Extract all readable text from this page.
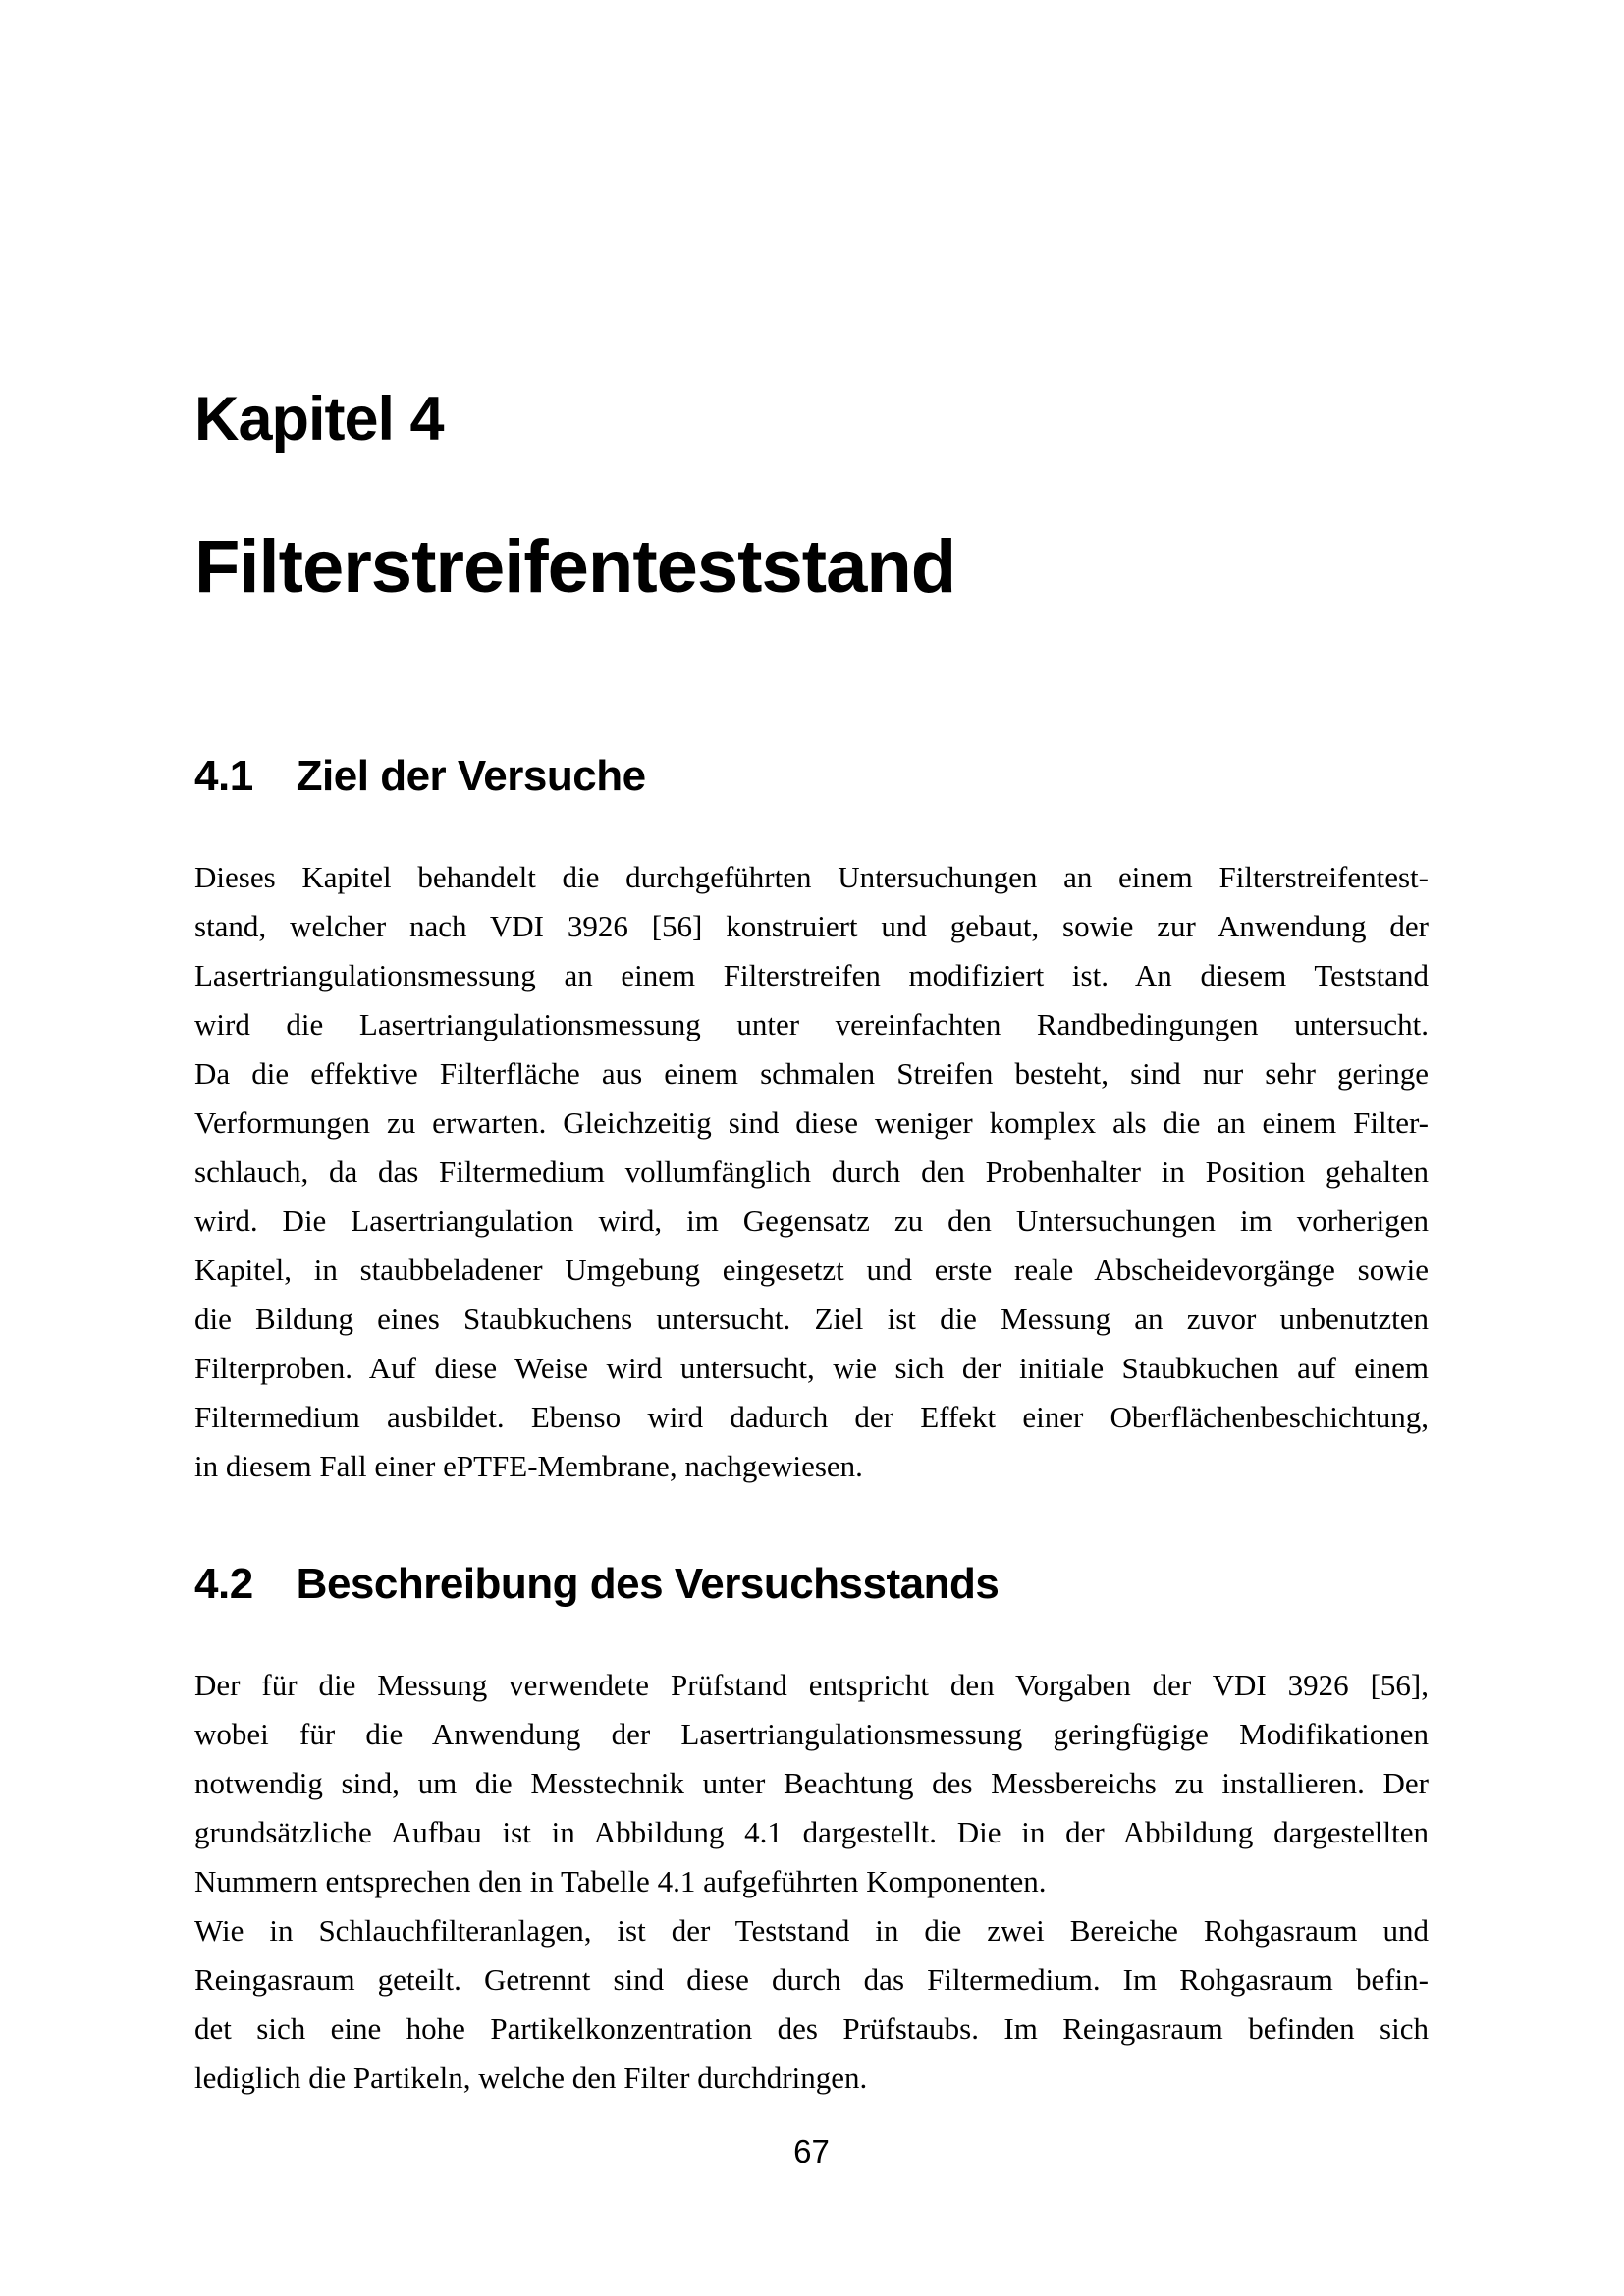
Kapitel 4
Filterstreifenteststand
4.1 Ziel der Versuche
Dieses Kapitel behandelt die durchgeführten Untersuchungen an einem Filterstreifentest-
stand, welcher nach VDI 3926 [56] konstruiert und gebaut, sowie zur Anwendung der
Lasertriangulationsmessung an einem Filterstreifen modifiziert ist. An diesem Teststand
wird die Lasertriangulationsmessung unter vereinfachten Randbedingungen untersucht.
Da die effektive Filterfläche aus einem schmalen Streifen besteht, sind nur sehr geringe
Verformungen zu erwarten. Gleichzeitig sind diese weniger komplex als die an einem Filter-
schlauch, da das Filtermedium vollumfänglich durch den Probenhalter in Position gehalten
wird. Die Lasertriangulation wird, im Gegensatz zu den Untersuchungen im vorherigen
Kapitel, in staubbeladener Umgebung eingesetzt und erste reale Abscheidevorgänge sowie
die Bildung eines Staubkuchens untersucht. Ziel ist die Messung an zuvor unbenutzten
Filterproben. Auf diese Weise wird untersucht, wie sich der initiale Staubkuchen auf einem
Filtermedium ausbildet. Ebenso wird dadurch der Effekt einer Oberflächenbeschichtung,
in diesem Fall einer ePTFE-Membrane, nachgewiesen.
4.2 Beschreibung des Versuchsstands
Der für die Messung verwendete Prüfstand entspricht den Vorgaben der VDI 3926 [56],
wobei für die Anwendung der Lasertriangulationsmessung geringfügige Modifikationen
notwendig sind, um die Messtechnik unter Beachtung des Messbereichs zu installieren. Der
grundsätzliche Aufbau ist in Abbildung 4.1 dargestellt. Die in der Abbildung dargestellten
Nummern entsprechen den in Tabelle 4.1 aufgeführten Komponenten.
Wie in Schlauchfilteranlagen, ist der Teststand in die zwei Bereiche Rohgasraum und
Reingasraum geteilt. Getrennt sind diese durch das Filtermedium. Im Rohgasraum befin-
det sich eine hohe Partikelkonzentration des Prüfstaubs. Im Reingasraum befinden sich
lediglich die Partikeln, welche den Filter durchdringen.
67
